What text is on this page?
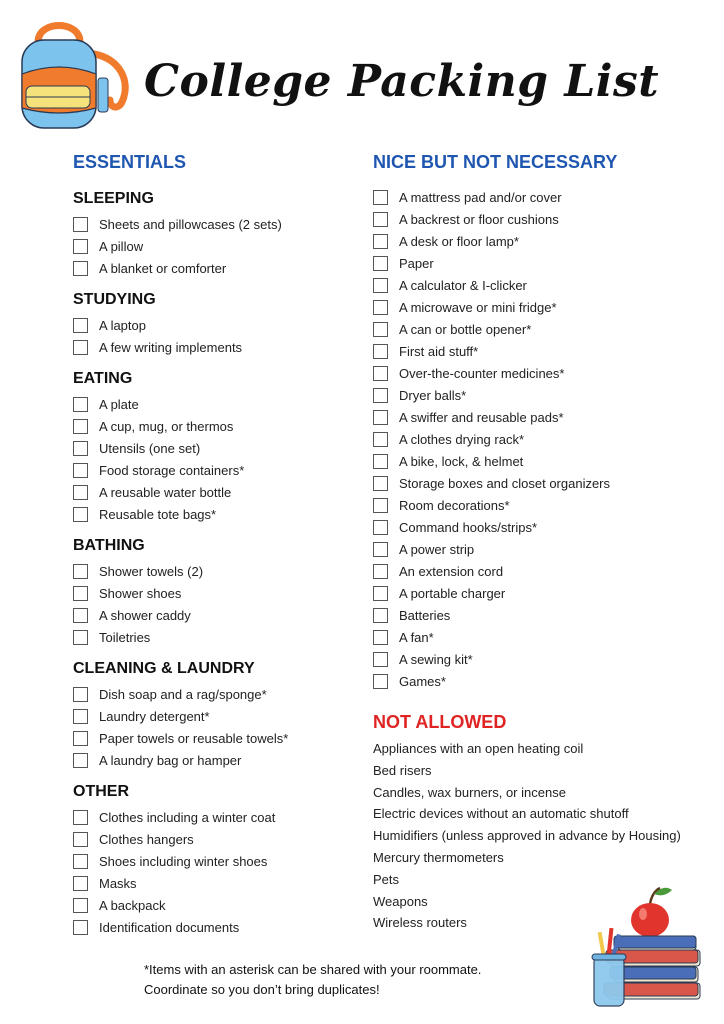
College Packing List
ESSENTIALS
SLEEPING
Sheets and pillowcases (2 sets)
A pillow
A blanket or comforter
STUDYING
A laptop
A few writing implements
EATING
A plate
A cup, mug, or thermos
Utensils (one set)
Food storage containers*
A reusable water bottle
Reusable tote bags*
BATHING
Shower towels (2)
Shower shoes
A shower caddy
Toiletries
CLEANING & LAUNDRY
Dish soap and a rag/sponge*
Laundry detergent*
Paper towels or reusable towels*
A laundry bag or hamper
OTHER
Clothes including a winter coat
Clothes hangers
Shoes including winter shoes
Masks
A backpack
Identification documents
NICE BUT NOT NECESSARY
A mattress pad and/or cover
A backrest or floor cushions
A desk or floor lamp*
Paper
A calculator & I-clicker
A microwave or mini fridge*
A can or bottle opener*
First aid stuff*
Over-the-counter medicines*
Dryer balls*
A swiffer and reusable pads*
A clothes drying rack*
A bike, lock, & helmet
Storage boxes and closet organizers
Room decorations*
Command hooks/strips*
A power strip
An extension cord
A portable charger
Batteries
A fan*
A sewing kit*
Games*
NOT ALLOWED
Appliances with an open heating coil
Bed risers
Candles, wax burners, or incense
Electric devices without an automatic shutoff
Humidifiers (unless approved in advance by Housing)
Mercury thermometers
Pets
Weapons
Wireless routers
*Items with an asterisk can be shared with your roommate.
Coordinate so you don’t bring duplicates!
